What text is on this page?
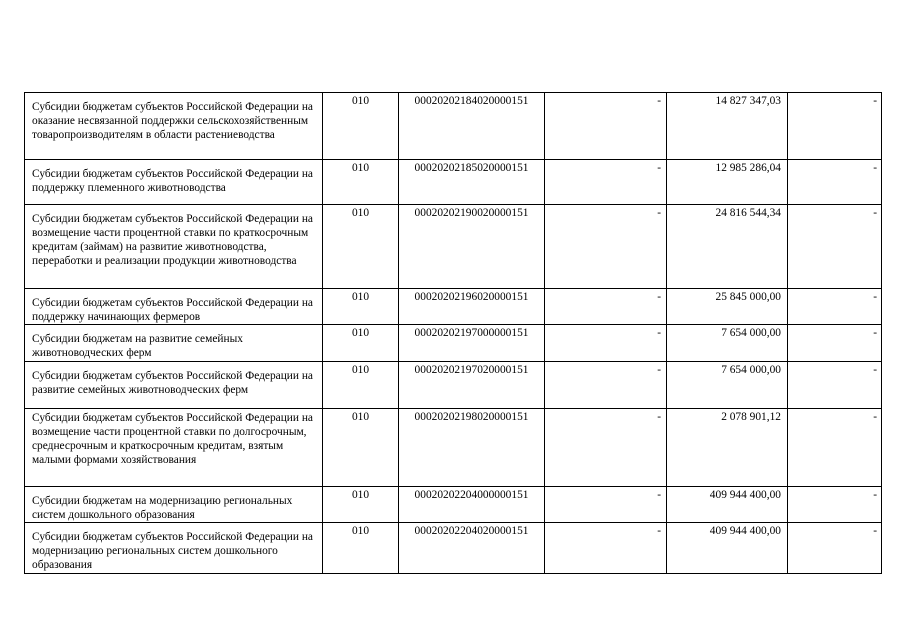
Субсидии бюджетам субъектов Российской Федерации на оказание несвязанной поддержки сельскохозяйственным товаропроизводителям в области растениеводства	010	00020202184020000151	-	14 827 347,03	-
Субсидии бюджетам субъектов Российской Федерации на поддержку племенного животноводства	010	00020202185020000151	-	12 985 286,04	-
Субсидии бюджетам субъектов Российской Федерации на возмещение части процентной ставки по краткосрочным кредитам (займам) на развитие животноводства, переработки и реализации продукции животноводства	010	00020202190020000151	-	24 816 544,34	-
Субсидии бюджетам субъектов Российской Федерации на поддержку начинающих фермеров	010	00020202196020000151	-	25 845 000,00	-
Субсидии бюджетам на развитие семейных животноводческих ферм	010	00020202197000000151	-	7 654 000,00	-
Субсидии бюджетам субъектов Российской Федерации на развитие семейных животноводческих ферм	010	00020202197020000151	-	7 654 000,00	-
Субсидии бюджетам субъектов Российской Федерации на возмещение части процентной ставки по долгосрочным, среднесрочным и краткосрочным кредитам, взятым малыми формами хозяйствования	010	00020202198020000151	-	2 078 901,12	-
Субсидии бюджетам на модернизацию региональных систем дошкольного образования	010	00020202204000000151	-	409 944 400,00	-
Субсидии бюджетам субъектов Российской Федерации на модернизацию региональных систем дошкольного образования	010	00020202204020000151	-	409 944 400,00	-
